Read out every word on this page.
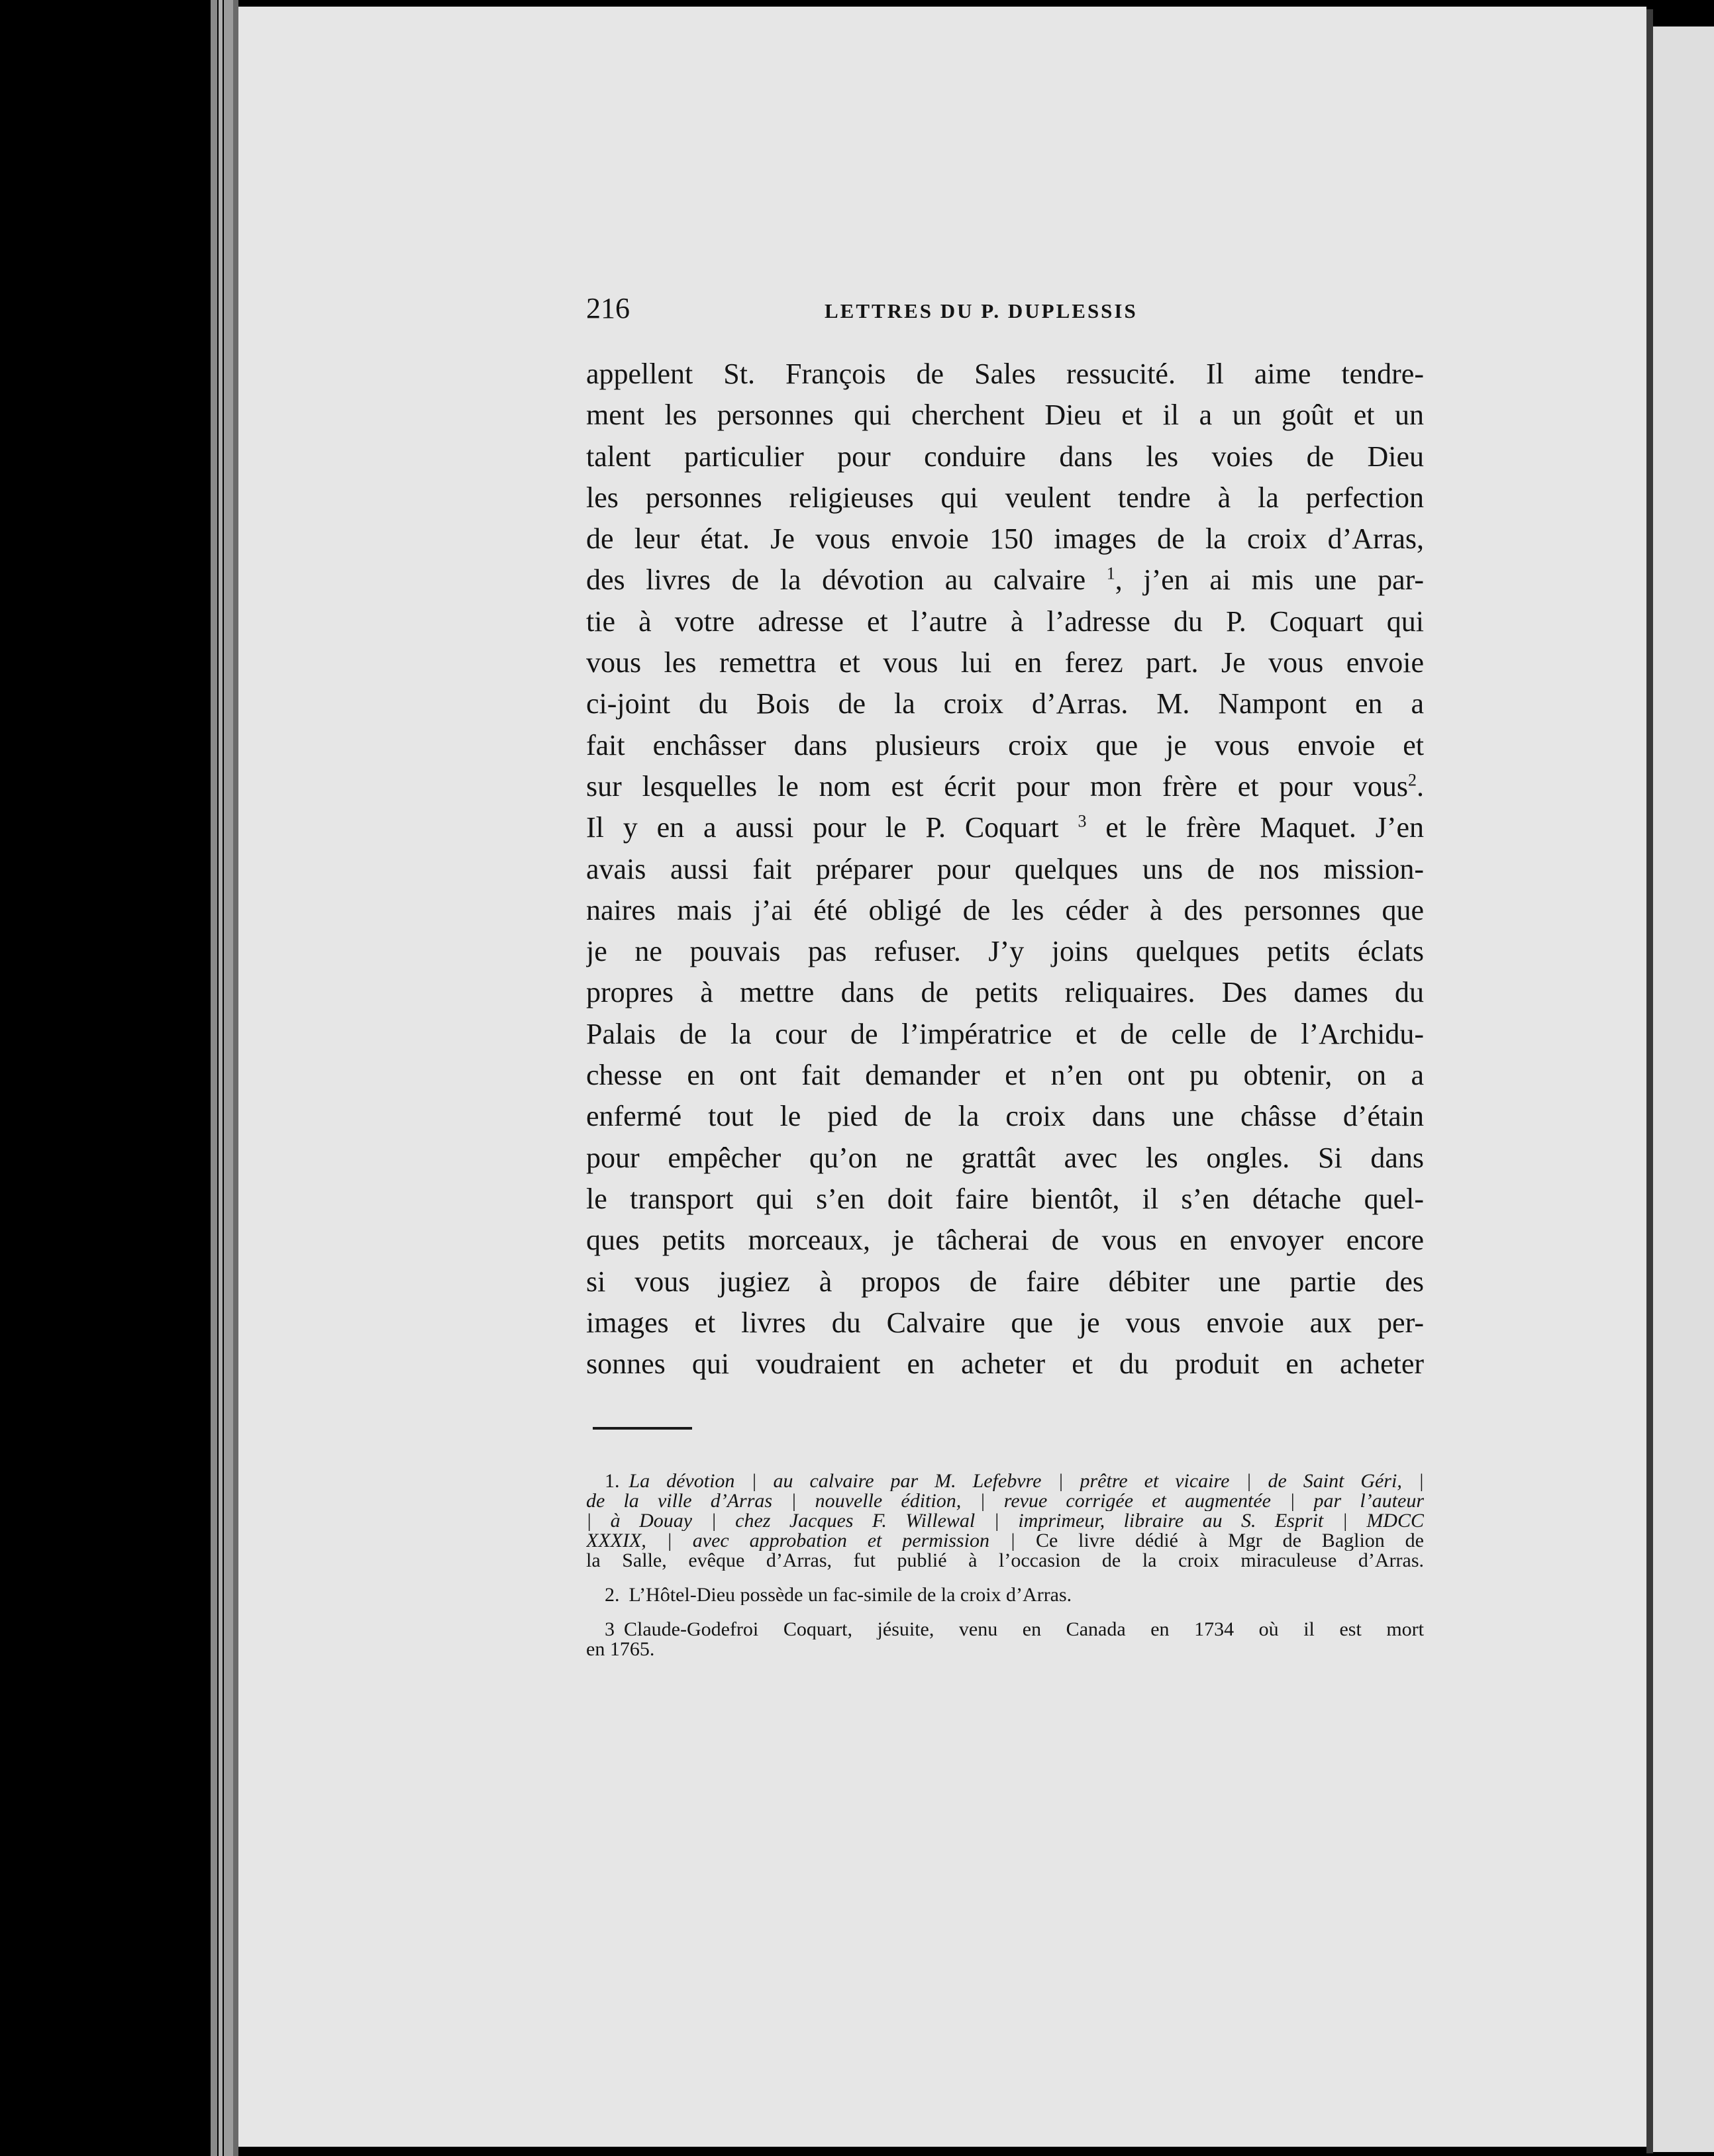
216	LETTRES DU P. DUPLESSIS
appellent St. François de Sales ressucité. Il aime tendre-
ment les personnes qui cherchent Dieu et il a un goût et un
talent particulier pour conduire dans les voies de Dieu
les personnes religieuses qui veulent tendre à la perfection
de leur état. Je vous envoie 150 images de la croix d’Arras,
des livres de la dévotion au calvaire $^1$, j’en ai mis une par-
tie à votre adresse et l’autre à l’adresse du P. Coquart qui
vous les remettra et vous lui en ferez part. Je vous envoie
ci-joint du Bois de la croix d’Arras. M. Nampont en a
fait enchâsser dans plusieurs croix que je vous envoie et
sur lesquelles le nom est écrit pour mon frère et pour vous$^2$.
Il y en a aussi pour le P. Coquart $^3$ et le frère Maquet. J’en
avais aussi fait préparer pour quelques uns de nos mission-
naires mais j’ai été obligé de les céder à des personnes que
je ne pouvais pas refuser. J’y joins quelques petits éclats
propres à mettre dans de petits reliquaires. Des dames du
Palais de la cour de l’impératrice et de celle de l’Archidu-
chesse en ont fait demander et n’en ont pu obtenir, on a
enfermé tout le pied de la croix dans une châsse d’étain
pour empêcher qu’on ne grattât avec les ongles. Si dans
le transport qui s’en doit faire bientôt, il s’en détache quel-
ques petits morceaux, je tâcherai de vous en envoyer encore
si vous jugiez à propos de faire débiter une partie des
images et livres du Calvaire que je vous envoie aux per-
sonnes qui voudraient en acheter et du produit en acheter
1. La dévotion | au calvaire par M. Lefebvre | prêtre et vicaire | de Saint Géri, |
de la ville d’Arras | nouvelle édition, | revue corrigée et augmentée | par l’auteur
| à Douay | chez Jacques F. Willewal | imprimeur, libraire au S. Esprit | MDCC
XXXIX, | avec approbation et permission | Ce livre dédié à Mgr de Baglion de
la Salle, evêque d’Arras, fut publié à l’occasion de la croix miraculeuse d’Arras.
2. L’Hôtel-Dieu possède un fac-simile de la croix d’Arras.
3 Claude-Godefroi Coquart, jésuite, venu en Canada en 1734 où il est mort
en 1765.
